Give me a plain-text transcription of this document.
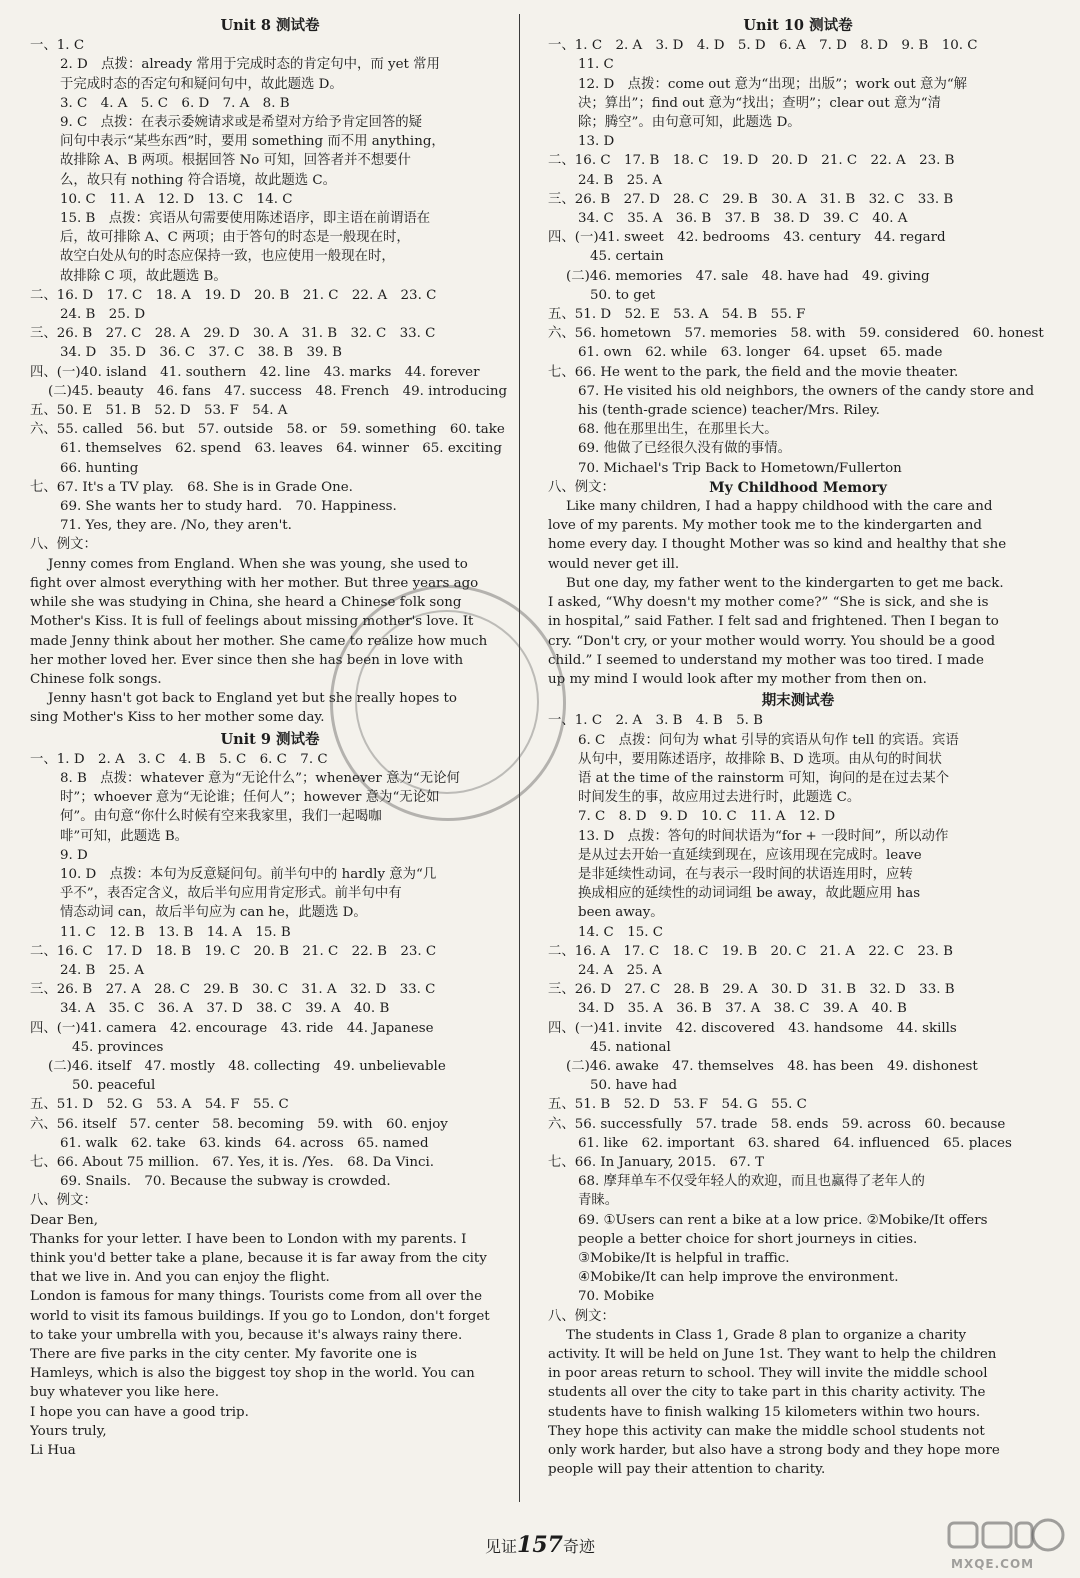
Unit 8 测试卷
一、1. C
2. D　点拨：already 常用于完成时态的肯定句中，而 yet 常用
于完成时态的否定句和疑问句中，故此题选 D。
3. C　4. A　5. C　6. D　7. A　8. B
9. C　点拨：在表示委婉请求或是希望对方给予肯定回答的疑
问句中表示“某些东西”时，要用 something 而不用 anything，
故排除 A、B 两项。根据回答 No 可知，回答者并不想要什
么，故只有 nothing 符合语境，故此题选 C。
10. C　11. A　12. D　13. C　14. C
15. B　点拨：宾语从句需要使用陈述语序，即主语在前谓语在
后，故可排除 A、C 两项；由于答句的时态是一般现在时，
故空白处从句的时态应保持一致，也应使用一般现在时，
故排除 C 项，故此题选 B。
二、16. D　17. C　18. A　19. D　20. B　21. C　22. A　23. C
24. B　25. D
三、26. B　27. C　28. A　29. D　30. A　31. B　32. C　33. C
34. D　35. D　36. C　37. C　38. B　39. B
四、(一)40. island　41. southern　42. line　43. marks　44. forever
(二)45. beauty　46. fans　47. success　48. French　49. introducing
五、50. E　51. B　52. D　53. F　54. A
六、55. called　56. but　57. outside　58. or　59. something　60. take
61. themselves　62. spend　63. leaves　64. winner　65. exciting
66. hunting
七、67. It's a TV play.　68. She is in Grade One.
69. She wants her to study hard.　70. Happiness.
71. Yes, they are. /No, they aren't.
八、例文：
Jenny comes from England. When she was young, she used to
fight over almost everything with her mother. But three years ago
while she was studying in China, she heard a Chinese folk song
Mother's Kiss. It is full of feelings about missing mother's love. It
made Jenny think about her mother. She came to realize how much
her mother loved her. Ever since then she has been in love with
Chinese folk songs.
Jenny hasn't got back to England yet but she really hopes to
sing Mother's Kiss to her mother some day.
Unit 9 测试卷
一、1. D　2. A　3. C　4. B　5. C　6. C　7. C
8. B　点拨：whatever 意为“无论什么”；whenever 意为“无论何
时”；whoever 意为“无论谁；任何人”；however 意为“无论如
何”。由句意“你什么时候有空来我家里，我们一起喝咖
啡”可知，此题选 B。
9. D
10. D　点拨：本句为反意疑问句。前半句中的 hardly 意为“几
乎不”，表否定含义，故后半句应用肯定形式。前半句中有
情态动词 can，故后半句应为 can he，此题选 D。
11. C　12. B　13. B　14. A　15. B
二、16. C　17. D　18. B　19. C　20. B　21. C　22. B　23. C
24. B　25. A
三、26. B　27. A　28. C　29. B　30. C　31. A　32. D　33. C
34. A　35. C　36. A　37. D　38. C　39. A　40. B
四、(一)41. camera　42. encourage　43. ride　44. Japanese
45. provinces
(二)46. itself　47. mostly　48. collecting　49. unbelievable
50. peaceful
五、51. D　52. G　53. A　54. F　55. C
六、56. itself　57. center　58. becoming　59. with　60. enjoy
61. walk　62. take　63. kinds　64. across　65. named
七、66. About 75 million.　67. Yes, it is. /Yes.　68. Da Vinci.
69. Snails.　70. Because the subway is crowded.
八、例文：
Dear Ben,
Thanks for your letter. I have been to London with my parents. I
think you'd better take a plane, because it is far away from the city
that we live in. And you can enjoy the flight.
London is famous for many things. Tourists come from all over the
world to visit its famous buildings. If you go to London, don't forget
to take your umbrella with you, because it's always rainy there.
There are five parks in the city center. My favorite one is
Hamleys, which is also the biggest toy shop in the world. You can
buy whatever you like here.
I hope you can have a good trip.
Yours truly,
Li Hua
Unit 10 测试卷
一、1. C　2. A　3. D　4. D　5. D　6. A　7. D　8. D　9. B　10. C
11. C
12. D　点拨：come out 意为“出现；出版”；work out 意为“解
决；算出”；find out 意为“找出；查明”；clear out 意为“清
除；腾空”。由句意可知，此题选 D。
13. D
二、16. C　17. B　18. C　19. D　20. D　21. C　22. A　23. B
24. B　25. A
三、26. B　27. D　28. C　29. B　30. A　31. B　32. C　33. B
34. C　35. A　36. B　37. B　38. D　39. C　40. A
四、(一)41. sweet　42. bedrooms　43. century　44. regard
45. certain
(二)46. memories　47. sale　48. have had　49. giving
50. to get
五、51. D　52. E　53. A　54. B　55. F
六、56. hometown　57. memories　58. with　59. considered　60. honest
61. own　62. while　63. longer　64. upset　65. made
七、66. He went to the park, the field and the movie theater.
67. He visited his old neighbors, the owners of the candy store and
his (tenth-grade science) teacher/Mrs. Riley.
68. 他在那里出生，在那里长大。
69. 他做了已经很久没有做的事情。
70. Michael's Trip Back to Hometown/Fullerton
八、例文：	My Childhood Memory
Like many children, I had a happy childhood with the care and
love of my parents. My mother took me to the kindergarten and
home every day. I thought Mother was so kind and healthy that she
would never get ill.
But one day, my father went to the kindergarten to get me back.
I asked, “Why doesn't my mother come?” “She is sick, and she is
in hospital,” said Father. I felt sad and frightened. Then I began to
cry. “Don't cry, or your mother would worry. You should be a good
child.” I seemed to understand my mother was too tired. I made
up my mind I would look after my mother from then on.
期末测试卷
一、1. C　2. A　3. B　4. B　5. B
6. C　点拨：问句为 what 引导的宾语从句作 tell 的宾语。宾语
从句中，要用陈述语序，故排除 B、D 选项。由从句的时间状
语 at the time of the rainstorm 可知，询问的是在过去某个
时间发生的事，故应用过去进行时，此题选 C。
7. C　8. D　9. D　10. C　11. A　12. D
13. D　点拨：答句的时间状语为“for + 一段时间”，所以动作
是从过去开始一直延续到现在，应该用现在完成时。leave
是非延续性动词，在与表示一段时间的状语连用时，应转
换成相应的延续性的动词词组 be away，故此题应用 has
been away。
14. C　15. C
二、16. A　17. C　18. C　19. B　20. C　21. A　22. C　23. B
24. A　25. A
三、26. D　27. C　28. B　29. A　30. D　31. B　32. D　33. B
34. D　35. A　36. B　37. A　38. C　39. A　40. B
四、(一)41. invite　42. discovered　43. handsome　44. skills
45. national
(二)46. awake　47. themselves　48. has been　49. dishonest
50. have had
五、51. B　52. D　53. F　54. G　55. C
六、56. successfully　57. trade　58. ends　59. across　60. because
61. like　62. important　63. shared　64. influenced　65. places
七、66. In January, 2015.　67. T
68. 摩拜单车不仅受年轻人的欢迎，而且也赢得了老年人的
青睐。
69. ①Users can rent a bike at a low price. ②Mobike/It offers
people a better choice for short journeys in cities.
③Mobike/It is helpful in traffic.
④Mobike/It can help improve the environment.
70. Mobike
八、例文：
The students in Class 1, Grade 8 plan to organize a charity
activity. It will be held on June 1st. They want to help the children
in poor areas return to school. They will invite the middle school
students all over the city to take part in this charity activity. The
students have to finish walking 15 kilometers within two hours.
They hope this activity can make the middle school students not
only work harder, but also have a strong body and they hope more
people will pay their attention to charity.
见证157奇迹
MXQE.COM
